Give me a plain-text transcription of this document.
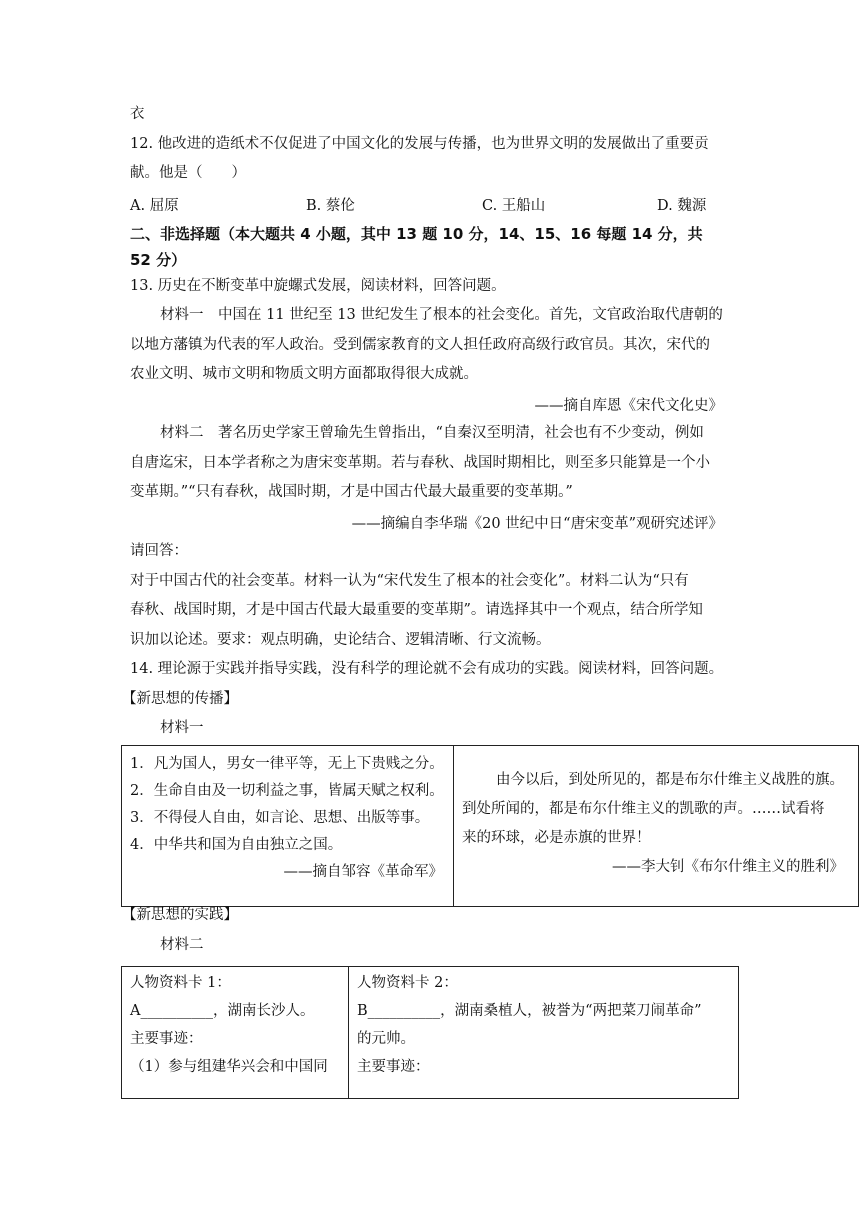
衣
12. 他改进的造纸术不仅促进了中国文化的发展与传播，也为世界文明的发展做出了重要贡
献。他是（　　）
A. 屈原	B. 蔡伦	C. 王船山	D. 魏源
二、非选择题（本大题共 4 小题，其中 13 题 10 分，14、15、16 每题 14 分，共
52 分）
13. 历史在不断变革中旋螺式发展，阅读材料，回答问题。
材料一　中国在 11 世纪至 13 世纪发生了根本的社会变化。首先，文官政治取代唐朝的
以地方藩镇为代表的军人政治。受到儒家教育的文人担任政府高级行政官员。其次，宋代的
农业文明、城市文明和物质文明方面都取得很大成就。
——摘自库恩《宋代文化史》
材料二　著名历史学家王曾瑜先生曾指出，“自秦汉至明清，社会也有不少变动，例如
自唐迄宋，日本学者称之为唐宋变革期。若与春秋、战国时期相比，则至多只能算是一个小
变革期。”“只有春秋，战国时期，才是中国古代最大最重要的变革期。”
——摘编自李华瑞《20 世纪中日“唐宋变革”观研究述评》
请回答：
对于中国古代的社会变革。材料一认为“宋代发生了根本的社会变化”。材料二认为“只有
春秋、战国时期，才是中国古代最大最重要的变革期”。请选择其中一个观点，结合所学知
识加以论述。要求：观点明确，史论结合、逻辑清晰、行文流畅。
14. 理论源于实践并指导实践，没有科学的理论就不会有成功的实践。阅读材料，回答问题。
【新思想的传播】
材料一
1．凡为国人，男女一律平等，无上下贵贱之分。
2．生命自由及一切利益之事，皆属天赋之权利。
3．不得侵人自由，如言论、思想、出版等事。
4．中华共和国为自由独立之国。
——摘自邹容《革命军》

由今以后，到处所见的，都是布尔什维主义战胜的旗。
到处所闻的，都是布尔什维主义的凯歌的声。……试看将
来的环球，必是赤旗的世界！
——李大钊《布尔什维主义的胜利》
【新思想的实践】
材料二
人物资料卡 1：
A__________，湖南长沙人。
主要事迹：
（1）参与组建华兴会和中国同

人物资料卡 2：
B__________，湖南桑植人，被誉为“两把菜刀闹革命”
的元帅。
主要事迹：
